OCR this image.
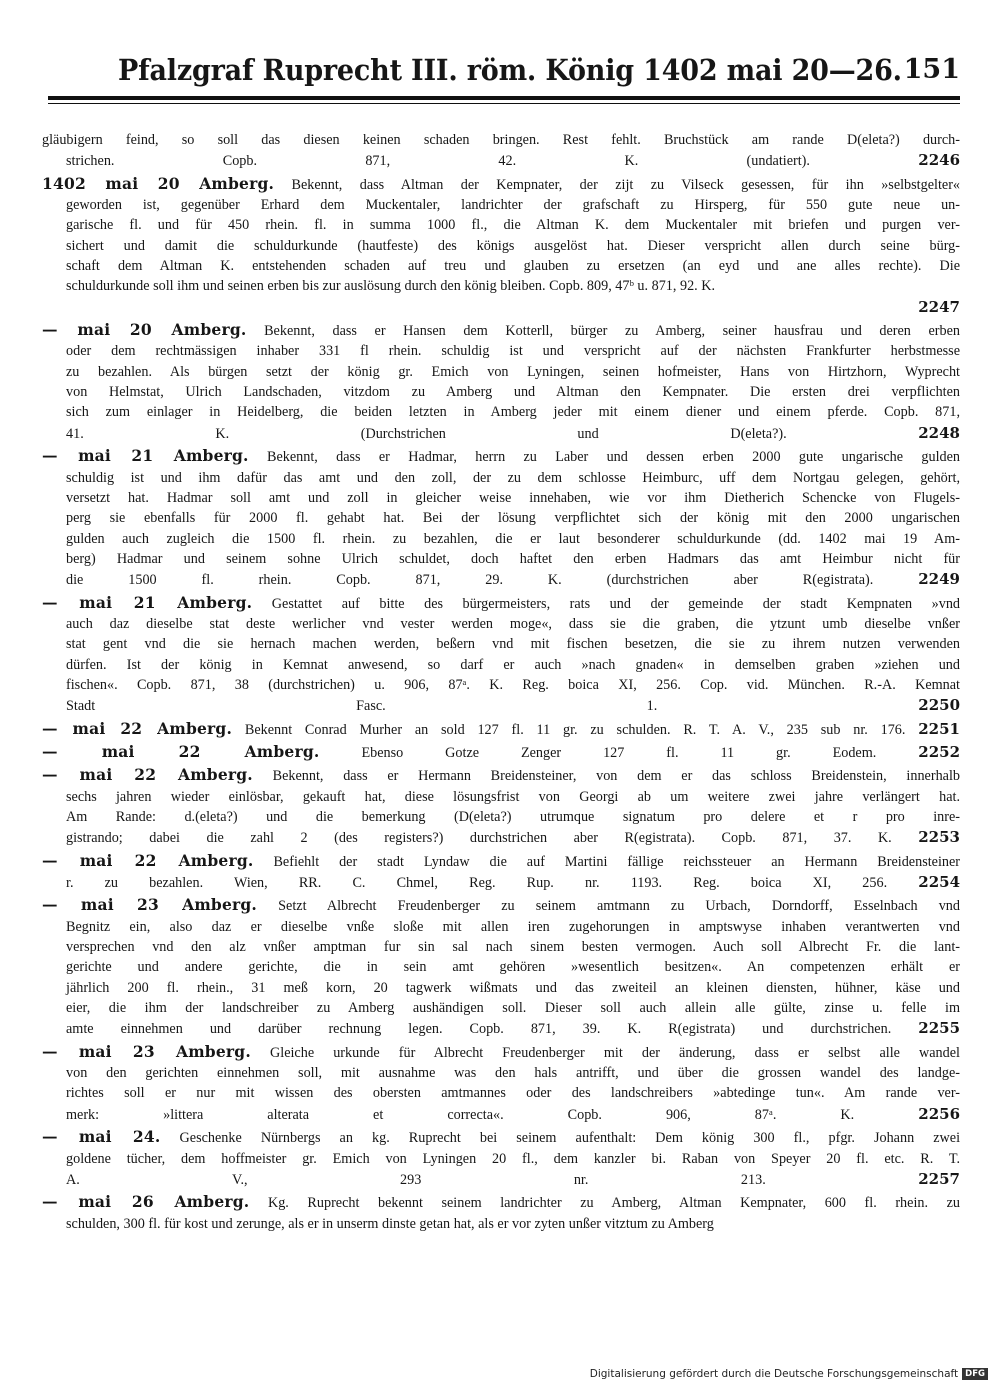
Pfalzgraf Ruprecht III. röm. König 1402 mai 20—26. 151
gläubigern feind, so soll das diesen keinen schaden bringen. Rest fehlt. Bruchstück am rande D(eleta?) durch-
strichen. Copb. 871, 42. K. (undatiert).	2246
1402 mai 20 Amberg. Bekennt, dass Altman der Kempnater, der zijt zu Vilseck gesessen, für ihn »selbstgelter«
geworden ist, gegenüber Erhard dem Muckentaler, landrichter der grafschaft zu Hirsperg, für 550 gute neue un-
garische fl. und für 450 rhein. fl. in summa 1000 fl., die Altman K. dem Muckentaler mit briefen und purgen ver-
sichert und damit die schuldurkunde (hautfeste) des königs ausgelöst hat. Dieser verspricht allen durch seine bürg-
schaft dem Altman K. entstehenden schaden auf treu und glauben zu ersetzen (an eyd und ane alles rechte). Die
schuldurkunde soll ihm und seinen erben bis zur auslösung durch den könig bleiben. Copb. 809, 47ᵇ u. 871, 92. K.
2247
— mai 20 Amberg. Bekennt, dass er Hansen dem Kotterll, bürger zu Amberg, seiner hausfrau und deren erben
oder dem rechtmässigen inhaber 331 fl rhein. schuldig ist und verspricht auf der nächsten Frankfurter herbstmesse
zu bezahlen. Als bürgen setzt der könig gr. Emich von Lyningen, seinen hofmeister, Hans von Hirtzhorn, Wyprecht
von Helmstat, Ulrich Landschaden, vitzdom zu Amberg und Altman den Kempnater. Die ersten drei verpflichten
sich zum einlager in Heidelberg, die beiden letzten in Amberg jeder mit einem diener und einem pferde. Copb. 871,
41. K. (Durchstrichen und D(eleta?).	2248
— mai 21 Amberg. Bekennt, dass er Hadmar, herrn zu Laber und dessen erben 2000 gute ungarische gulden
schuldig ist und ihm dafür das amt und den zoll, der zu dem schlosse Heimburc, uff dem Nortgau gelegen, gehört,
versetzt hat. Hadmar soll amt und zoll in gleicher weise innehaben, wie vor ihm Dietherich Schencke von Flugels-
perg sie ebenfalls für 2000 fl. gehabt hat. Bei der lösung verpflichtet sich der könig mit den 2000 ungarischen
gulden auch zugleich die 1500 fl. rhein. zu bezahlen, die er laut besonderer schuldurkunde (dd. 1402 mai 19 Am-
berg) Hadmar und seinem sohne Ulrich schuldet, doch haftet den erben Hadmars das amt Heimbur nicht für
die 1500 fl. rhein. Copb. 871, 29. K. (durchstrichen aber R(egistrata).	2249
— mai 21 Amberg. Gestattet auf bitte des bürgermeisters, rats und der gemeinde der stadt Kempnaten »vnd
auch daz dieselbe stat deste werlicher vnd vester werden moge«, dass sie die graben, die ytzunt umb dieselbe vnßer
stat gent vnd die sie hernach machen werden, beßern vnd mit fischen besetzen, die sie zu ihrem nutzen verwenden
dürfen. Ist der könig in Kemnat anwesend, so darf er auch »nach gnaden« in demselben graben »ziehen und
fischen«. Copb. 871, 38 (durchstrichen) u. 906, 87ᵃ. K. Reg. boica XI, 256. Cop. vid. München. R.-A. Kemnat
Stadt Fasc. 1.	2250
— mai 22 Amberg. Bekennt Conrad Murher an sold 127 fl. 11 gr. zu schulden. R. T. A. V., 235 sub nr. 176. 2251
— mai 22 Amberg.	Ebenso Gotze Zenger 127 fl. 11 gr. Eodem.	2252
— mai 22 Amberg. Bekennt, dass er Hermann Breidensteiner, von dem er das schloss Breidenstein, innerhalb
sechs jahren wieder einlösbar, gekauft hat, diese lösungsfrist von Georgi ab um weitere zwei jahre verlängert hat.
Am Rande: d.(eleta?) und die bemerkung (D(eleta?) utrumque signatum pro delere et r pro inre-
gistrando; dabei die zahl 2 (des registers?) durchstrichen aber R(egistrata). Copb. 871, 37. K. 2253
— mai 22 Amberg. Befiehlt der stadt Lyndaw die auf Martini fällige reichssteuer an Hermann Breidensteiner
r. zu bezahlen. Wien, RR. C. Chmel, Reg. Rup. nr. 1193. Reg. boica XI, 256. 2254
— mai 23 Amberg. Setzt Albrecht Freudenberger zu seinem amtmann zu Urbach, Dorndorff, Esselnbach vnd
Begnitz ein, also daz er dieselbe vnße sloße mit allen iren zugehorungen in amptswyse inhaben verantwerten vnd
versprechen vnd den alz vnßer amptman fur sin sal nach sinem besten vermogen. Auch soll Albrecht Fr. die lant-
gerichte und andere gerichte, die in sein amt gehören »wesentlich besitzen«. An competenzen erhält er
jährlich 200 fl. rhein., 31 meß korn, 20 tagwerk wißmats und das zweiteil an kleinen diensten, hühner, käse und
eier, die ihm der landschreiber zu Amberg aushändigen soll. Dieser soll auch allein alle gülte, zinse u. felle im
amte einnehmen und darüber rechnung legen. Copb. 871, 39. K. R(egistrata) und durchstrichen. 2255
— mai 23 Amberg. Gleiche urkunde für Albrecht Freudenberger mit der änderung, dass er selbst alle wandel
von den gerichten einnehmen soll, mit ausnahme was den hals antrifft, und über die grossen wandel des landge-
richtes soll er nur mit wissen des obersten amtmannes oder des landschreibers »abtedinge tun«. Am rande ver-
merk: »littera alterata et correcta«. Copb. 906, 87ᵃ. K.	2256
— mai 24. Geschenke Nürnbergs an kg. Ruprecht bei seinem aufenthalt: Dem könig 300 fl., pfgr. Johann zwei
goldene tücher, dem hoffmeister gr. Emich von Lyningen 20 fl., dem kanzler bi. Raban von Speyer 20 fl. etc. R. T.
A. V., 293 nr. 213.	2257
— mai 26 Amberg. Kg. Ruprecht bekennt seinem landrichter zu Amberg, Altman Kempnater, 600 fl. rhein. zu
schulden, 300 fl. für kost und zerunge, als er in unserm dinste getan hat, als er vor zyten unßer vitztum zu Amberg
Digitalisierung gefördert durch die Deutsche Forschungsgemeinschaft DFG
